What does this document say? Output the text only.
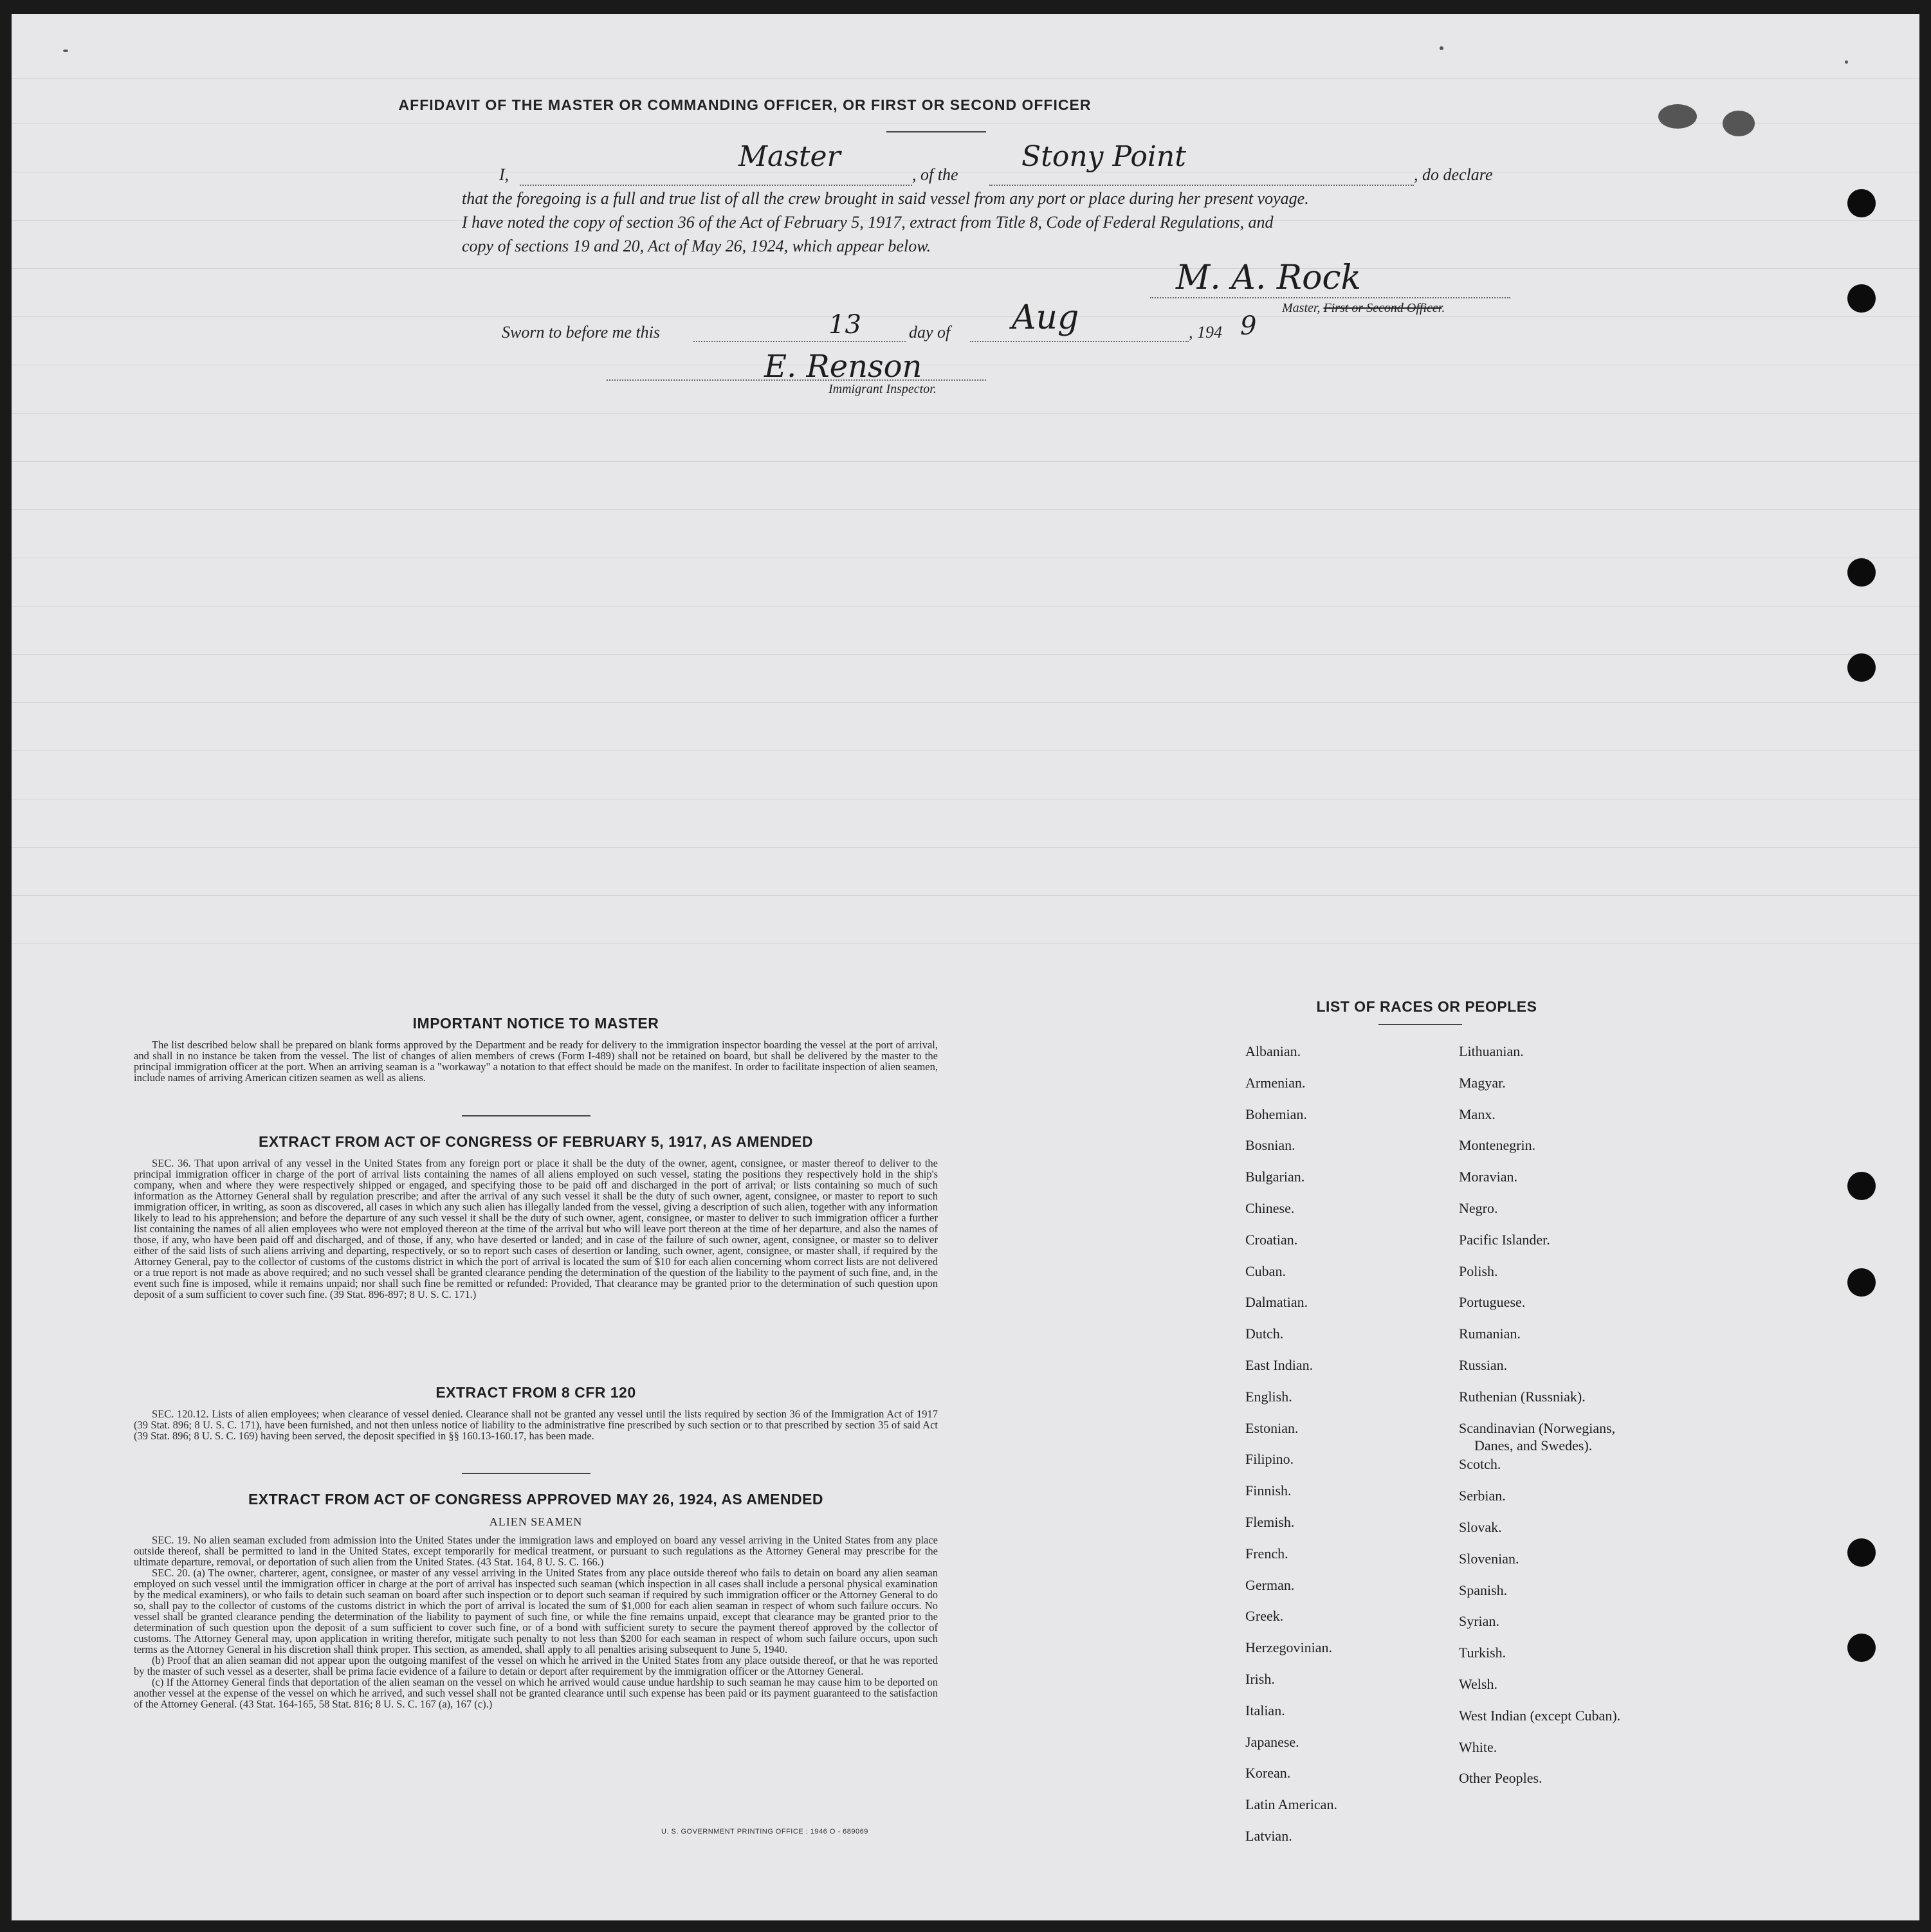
AFFIDAVIT OF THE MASTER OR COMMANDING OFFICER, OR FIRST OR SECOND OFFICER
I,
Master
, of the
Stony Point
, do declare
that the foregoing is a full and true list of all the crew brought in said vessel from any port or place during her present voyage.
I have noted the copy of section 36 of the Act of February 5, 1917, extract from Title 8, Code of Federal Regulations, and
copy of sections 19 and 20, Act of May 26, 1924, which appear below.
M. A. Rock
Master, First or Second Officer.
Sworn to before me this	13	day of Aug	, 194 9
E. Renson
Immigrant Inspector.
IMPORTANT NOTICE TO MASTER

The list described below shall be prepared on blank forms approved by the Department and be ready for delivery to the immigration inspector boarding the vessel at the port of arrival, and shall in no instance be taken from the vessel. The list of changes of alien members of crews (Form I-489) shall not be retained on board, but shall be delivered by the master to the principal immigration officer at the port. When an arriving seaman is a "workaway" a notation to that effect should be made on the manifest. In order to facilitate inspection of alien seamen, include names of arriving American citizen seamen as well as aliens.

EXTRACT FROM ACT OF CONGRESS OF FEBRUARY 5, 1917, AS AMENDED

SEC. 36. That upon arrival of any vessel in the United States from any foreign port or place it shall be the duty of the owner, agent, consignee, or master thereof to deliver to the principal immigration officer in charge of the port of arrival lists containing the names of all aliens employed on such vessel, stating the positions they respectively hold in the ship's company, when and where they were respectively shipped or engaged, and specifying those to be paid off and discharged in the port of arrival; or lists containing so much of such information as the Attorney General shall by regulation prescribe; and after the arrival of any such vessel it shall be the duty of such owner, agent, consignee, or master to report to such immigration officer, in writing, as soon as discovered, all cases in which any such alien has illegally landed from the vessel, giving a description of such alien, together with any information likely to lead to his apprehension; and before the departure of any such vessel it shall be the duty of such owner, agent, consignee, or master to deliver to such immigration officer a further list containing the names of all alien employees who were not employed thereon at the time of the arrival but who will leave port thereon at the time of her departure, and also the names of those, if any, who have been paid off and discharged, and of those, if any, who have deserted or landed; and in case of the failure of such owner, agent, consignee, or master so to deliver either of the said lists of such aliens arriving and departing, respectively, or so to report such cases of desertion or landing, such owner, agent, consignee, or master shall, if required by the Attorney General, pay to the collector of customs of the customs district in which the port of arrival is located the sum of $10 for each alien concerning whom correct lists are not delivered or a true report is not made as above required; and no such vessel shall be granted clearance pending the determination of the question of the liability to the payment of such fine, and, in the event such fine is imposed, while it remains unpaid; nor shall such fine be remitted or refunded: Provided, That clearance may be granted prior to the determination of such question upon deposit of a sum sufficient to cover such fine. (39 Stat. 896-897; 8 U. S. C. 171.)

EXTRACT FROM 8 CFR 120

SEC. 120.12. Lists of alien employees; when clearance of vessel denied. Clearance shall not be granted any vessel until the lists required by section 36 of the Immigration Act of 1917 (39 Stat. 896; 8 U. S. C. 171), have been furnished, and not then unless notice of liability to the administrative fine prescribed by such section or to that prescribed by section 35 of said Act (39 Stat. 896; 8 U. S. C. 169) having been served, the deposit specified in §§ 160.13-160.17, has been made.

EXTRACT FROM ACT OF CONGRESS APPROVED MAY 26, 1924, AS AMENDED
ALIEN SEAMEN

SEC. 19. No alien seaman excluded from admission into the United States under the immigration laws and employed on board any vessel arriving in the United States from any place outside thereof, shall be permitted to land in the United States, except temporarily for medical treatment, or pursuant to such regulations as the Attorney General may prescribe for the ultimate departure, removal, or deportation of such alien from the United States. (43 Stat. 164, 8 U. S. C. 166.)

SEC. 20. (a) The owner, charterer, agent, consignee, or master of any vessel arriving in the United States from any place outside thereof who fails to detain on board any alien seaman employed on such vessel until the immigration officer in charge at the port of arrival has inspected such seaman (which inspection in all cases shall include a personal physical examination by the medical examiners), or who fails to detain such seaman on board after such inspection or to deport such seaman if required by such immigration officer or the Attorney General to do so, shall pay to the collector of customs of the customs district in which the port of arrival is located the sum of $1,000 for each alien seaman in respect of whom such failure occurs. No vessel shall be granted clearance pending the determination of the liability to payment of such fine, or while the fine remains unpaid, except that clearance may be granted prior to the determination of such question upon the deposit of a sum sufficient to cover such fine, or of a bond with sufficient surety to secure the payment thereof approved by the collector of customs. The Attorney General may, upon application in writing therefor, mitigate such penalty to not less than $200 for each seaman in respect of whom such failure occurs, upon such terms as the Attorney General in his discretion shall think proper. This section, as amended, shall apply to all penalties arising subsequent to June 5, 1940.

(b) Proof that an alien seaman did not appear upon the outgoing manifest of the vessel on which he arrived in the United States from any place outside thereof, or that he was reported by the master of such vessel as a deserter, shall be prima facie evidence of a failure to detain or deport after requirement by the immigration officer or the Attorney General.

(c) If the Attorney General finds that deportation of the alien seaman on the vessel on which he arrived would cause undue hardship to such seaman he may cause him to be deported on another vessel at the expense of the vessel on which he arrived, and such vessel shall not be granted clearance until such expense has been paid or its payment guaranteed to the satisfaction of the Attorney General. (43 Stat. 164-165, 58 Stat. 816; 8 U. S. C. 167 (a), 167 (c).)

U. S. GOVERNMENT PRINTING OFFICE : 1946 O - 689069
LIST OF RACES OR PEOPLES
Albanian.
Armenian.
Bohemian.
Bosnian.
Bulgarian.
Chinese.
Croatian.
Cuban.
Dalmatian.
Dutch.
East Indian.
English.
Estonian.
Filipino.
Finnish.
Flemish.
French.
German.
Greek.
Herzegovinian.
Irish.
Italian.
Japanese.
Korean.
Latin American.
Latvian.
Lithuanian.
Magyar.
Manx.
Montenegrin.
Moravian.
Negro.
Pacific Islander.
Polish.
Portuguese.
Rumanian.
Russian.
Ruthenian (Russniak).
Scandinavian (Norwegians,
Danes, and Swedes).
Scotch.
Serbian.
Slovak.
Slovenian.
Spanish.
Syrian.
Turkish.
Welsh.
West Indian (except Cuban).
White.
Other Peoples.
